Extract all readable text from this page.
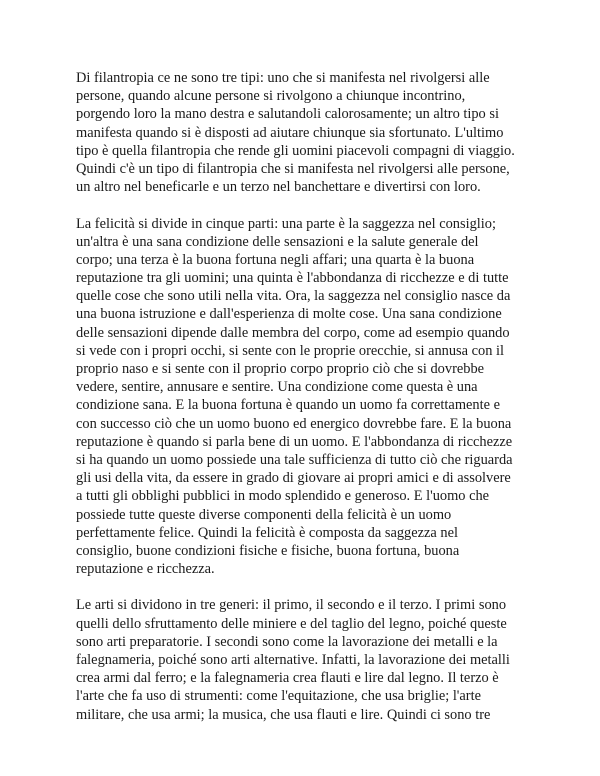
Di filantropia ce ne sono tre tipi: uno che si manifesta nel rivolgersi alle
persone, quando alcune persone si rivolgono a chiunque incontrino,
porgendo loro la mano destra e salutandoli calorosamente; un altro tipo si
manifesta quando si è disposti ad aiutare chiunque sia sfortunato. L'ultimo
tipo è quella filantropia che rende gli uomini piacevoli compagni di viaggio.
Quindi c'è un tipo di filantropia che si manifesta nel rivolgersi alle persone,
un altro nel beneficarle e un terzo nel banchettare e divertirsi con loro.
La felicità si divide in cinque parti: una parte è la saggezza nel consiglio;
un'altra è una sana condizione delle sensazioni e la salute generale del
corpo; una terza è la buona fortuna negli affari; una quarta è la buona
reputazione tra gli uomini; una quinta è l'abbondanza di ricchezze e di tutte
quelle cose che sono utili nella vita. Ora, la saggezza nel consiglio nasce da
una buona istruzione e dall'esperienza di molte cose. Una sana condizione
delle sensazioni dipende dalle membra del corpo, come ad esempio quando
si vede con i propri occhi, si sente con le proprie orecchie, si annusa con il
proprio naso e si sente con il proprio corpo proprio ciò che si dovrebbe
vedere, sentire, annusare e sentire. Una condizione come questa è una
condizione sana. E la buona fortuna è quando un uomo fa correttamente e
con successo ciò che un uomo buono ed energico dovrebbe fare. E la buona
reputazione è quando si parla bene di un uomo. E l'abbondanza di ricchezze
si ha quando un uomo possiede una tale sufficienza di tutto ciò che riguarda
gli usi della vita, da essere in grado di giovare ai propri amici e di assolvere
a tutti gli obblighi pubblici in modo splendido e generoso. E l'uomo che
possiede tutte queste diverse componenti della felicità è un uomo
perfettamente felice. Quindi la felicità è composta da saggezza nel
consiglio, buone condizioni fisiche e fisiche, buona fortuna, buona
reputazione e ricchezza.
Le arti si dividono in tre generi: il primo, il secondo e il terzo. I primi sono
quelli dello sfruttamento delle miniere e del taglio del legno, poiché queste
sono arti preparatorie. I secondi sono come la lavorazione dei metalli e la
falegnameria, poiché sono arti alternative. Infatti, la lavorazione dei metalli
crea armi dal ferro; e la falegnameria crea flauti e lire dal legno. Il terzo è
l'arte che fa uso di strumenti: come l'equitazione, che usa briglie; l'arte
militare, che usa armi; la musica, che usa flauti e lire. Quindi ci sono tre
